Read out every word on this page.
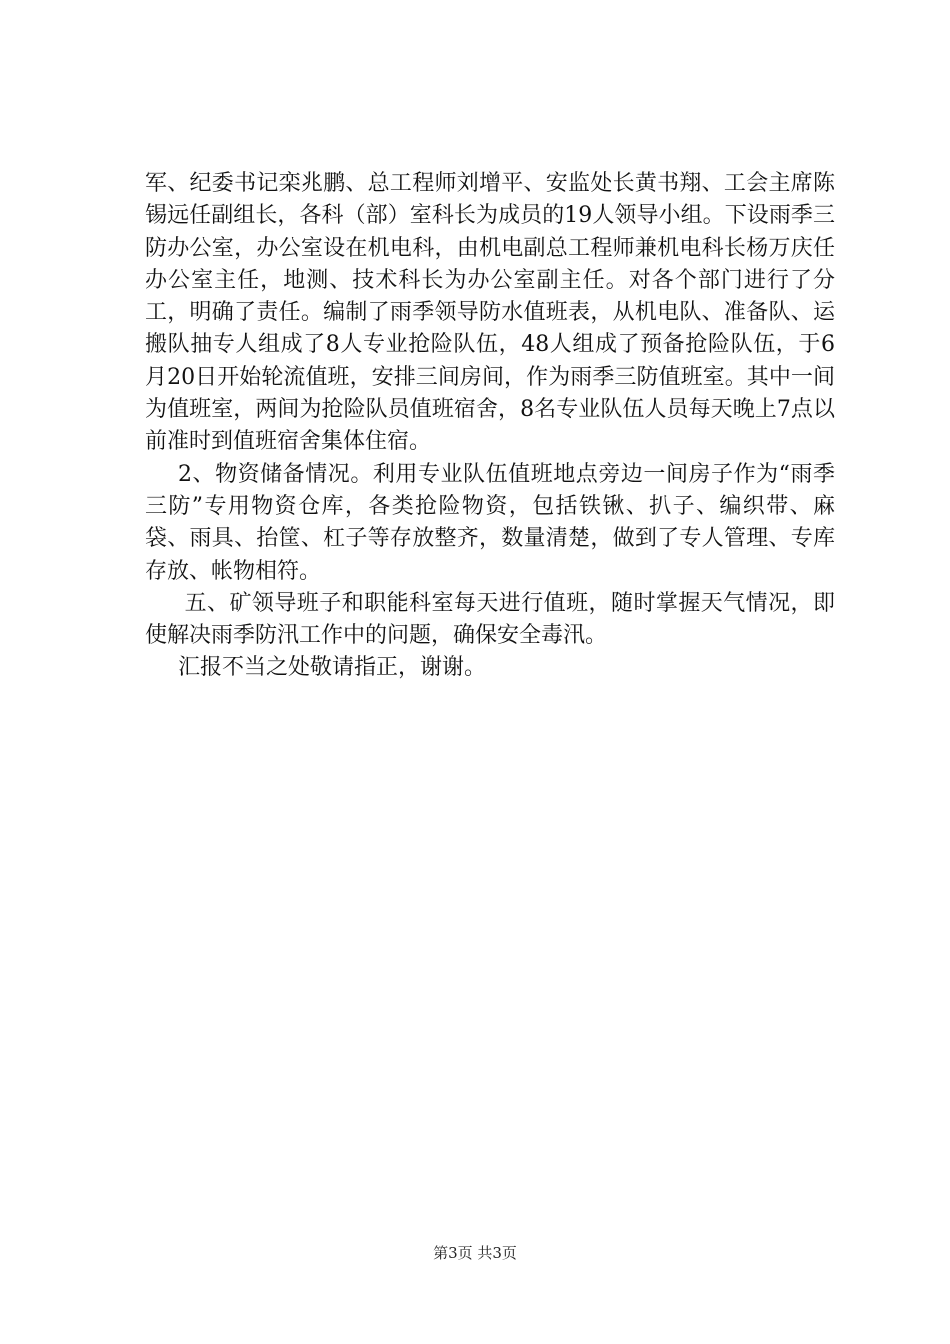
军、纪委书记栾兆鹏、总工程师刘增平、安监处长黄书翔、工会主席陈锡远任副组长，各科（部）室科长为成员的19人领导小组。下设雨季三防办公室，办公室设在机电科，由机电副总工程师兼机电科长杨万庆任办公室主任，地测、技术科长为办公室副主任。对各个部门进行了分工，明确了责任。编制了雨季领导防水值班表，从机电队、准备队、运搬队抽专人组成了8人专业抢险队伍，48人组成了预备抢险队伍，于6月20日开始轮流值班，安排三间房间，作为雨季三防值班室。其中一间为值班室，两间为抢险队员值班宿舍，8名专业队伍人员每天晚上7点以前准时到值班宿舍集体住宿。

2、物资储备情况。利用专业队伍值班地点旁边一间房子作为“雨季三防”专用物资仓库，各类抢险物资，包括铁锹、扒子、编织带、麻袋、雨具、抬筐、杠子等存放整齐，数量清楚，做到了专人管理、专库存放、帐物相符。

五、矿领导班子和职能科室每天进行值班，随时掌握天气情况，即使解决雨季防汛工作中的问题，确保安全毒汛。

汇报不当之处敬请指正，谢谢。

第3页 共3页
